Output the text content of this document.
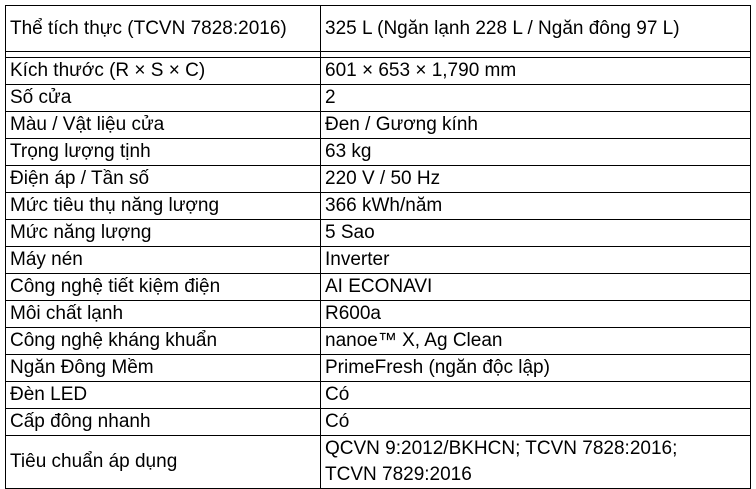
Thể tích thực (TCVN 7828:2016)	325 L (Ngăn lạnh 228 L / Ngăn đông 97 L)

Kích thước (R × S × C)	601 × 653 × 1,790 mm
Số cửa	2
Màu / Vật liệu cửa	Đen / Gương kính
Trọng lượng tịnh	63 kg
Điện áp / Tần số	220 V / 50 Hz
Mức tiêu thụ năng lượng	366 kWh/năm
Mức năng lượng	5 Sao
Máy nén	Inverter
Công nghệ tiết kiệm điện	AI ECONAVI
Môi chất lạnh	R600a
Công nghệ kháng khuẩn	nanoe™ X, Ag Clean
Ngăn Đông Mềm	PrimeFresh (ngăn độc lập)
Đèn LED	Có
Cấp đông nhanh	Có
Tiêu chuẩn áp dụng	QCVN 9:2012/BKHCN; TCVN 7828:2016;
TCVN 7829:2016
